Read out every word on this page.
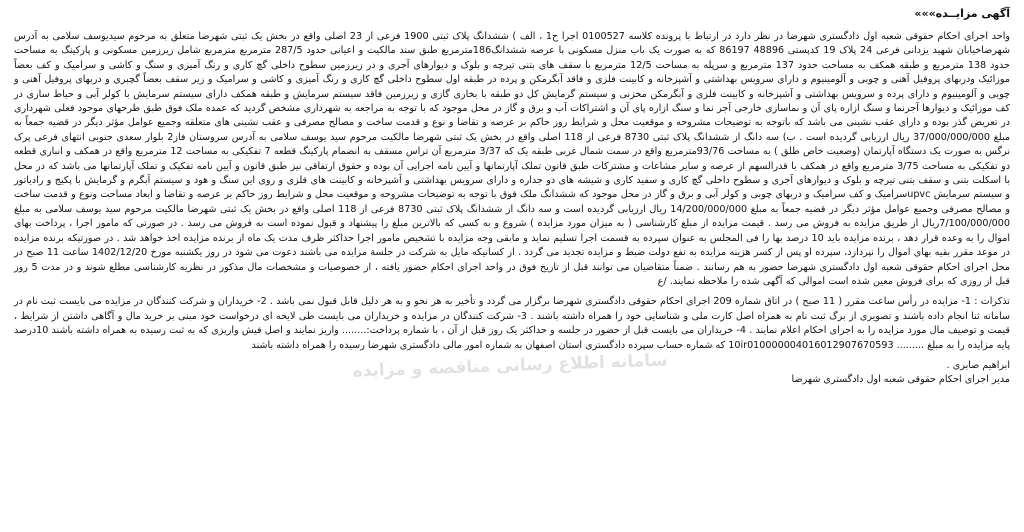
آگهی مزایــده»»»

واحد اجرای احکام حقوقی شعبه اول دادگستری شهرضا در نظر دارد در ارتباط با پرونده کلاسه 0100527 اجرا ح1 ، الف ) ششدانگ پلاک ثبتی 1900 فرعی از 23 اصلی واقع در بخش یک ثبتی شهرضا متعلق به مرحوم سیدیوسف سلامی به آدرس شهرضاخیابان شهید یزدانی فرعی 24 پلاک 19 کدپستی 48896 86197 که به صورت یک باب منزل مسکونی با عرصه ششدانگ186مترمربع طبق سند مالکیت و اعیانی حدود 287/5 مترمربع مترمربع شامل زیرزمین مسکونی و پارکینگ به مساحت حدود 138 مترمربع و طبقه همکف به مساحت حدود 137 مترمربع و سرپله به مساحت 12/5 مترمربع با سقف های بتنی تیرچه و بلوک و دیوارهای آجری و در زیرزمین سطوح داخلی گچ کاری و رنگ آمیزی و سنگ و کاشی و سرامیک و کف بعضاً موزائیک ودربهای پروفیل آهنی و چوبی و آلومینیوم و دارای سرویس بهداشتی و آشپزخانه و کابینت فلزی و فاقد آبگرمکن و پرده در طبقه اول سطوح داخلی گچ کاری و رنگ آمیزی و کاشی و سرامیک و زیر سقف بعضاً گچبری و دربهای پروفیل آهنی و چوبی و آلومینیوم و دارای پرده و سرویس بهداشتی و آشپزخانه و کابینت فلزی و آبگرمکن مخزنی و سیستم گرمایش کل دو طبقه با بخاری گازی و زیرزمین فاقد سیستم سرمایش و طبقه همکف دارای سیستم سرمایش با کولر آبی و حیاط سازی در کف موزائیک و دیوارها آجرنما و سنگ ازاره پای آن و نماسازی خارجی آجر نما و سنگ ازاره پای آن و اشتراکات آب و برق و گاز در محل موجود که با توجه به مراجعه به شهرداری مشخص گردید که عمده ملک فوق طبق طرحهای موجود فعلی شهرداری در تعریض گذر بوده و دارای عقب نشینی می باشد که باتوجه به توضیحات مشروحه و موقعیت محل و شرایط روز حاکم بر عرصه و تقاضا و نوع و قدمت ساخت و مصالح مصرفی و عقب نشینی های متعلقه وجمیع عوامل مؤثر دیگر در قضیه جمعاً به مبلغ 37/000/000/000 ریال ارزیابی گردیده است . ب) سه دانگ از ششدانگ پلاک ثبتی 8730 فرعی از 118 اصلی واقع در بخش یک ثبتی شهرضا مالکیت مرحوم سید یوسف سلامی به آدرس سروستان فاز2 بلوار سعدی جنوبی انتهای فرعی پرک نرگس به صورت یک دستگاه آپارتمان (وضعیت خاص طلق ) به مساحت 93/76مترمربع واقع در سمت شمال غربی طبقه یک که 3/37 مترمربع آن تراس مسقف به انضمام پارکینگ قطعه 7 تفکیکی به مساحت 12 مترمربع واقع در همکف و انباری قطعه دو تفکیکی به مساحت 3/75 مترمربع واقع در همکف با قدرالسهم از عرصه و سایر مشاعات و مشترکات طبق قانون تملک آپارتمانها و آیین نامه اجرایی آن بوده و حقوق ارتفاقی نیز طبق قانون و آیین نامه تفکیک و تملک آپارتمانها می باشد که در محل با اسکلت بتنی و سقف بتنی تیرچه و بلوک و دیوارهای آجری و سطوح داخلی گچ کاری و سفید کاری و شیشه های دو جداره و دارای سرویس بهداشتی و آشپزخانه و کابینت های فلزی و روی این سنگ و هود و سیستم آبگرم و گرمایش با پکیج و رادیاتور و سیستم سرمایش upvcسرامیک و کف سرامیک و دربهای چوبی و کولر آبی و برق و گاز در محل موجود که ششدانگ ملک فوق با توجه به توضیحات مشروحه و موقعیت محل و شرایط روز حاکم بر عرصه و تقاضا و ابعاد مساحت ونوع و قدمت ساخت و مصالح مصرفی وجمیع عوامل مؤثر دیگر در قضیه جمعاً به مبلغ 14/200/000/000 ریال ارزیابی گردیده است و سه دانگ از ششدانگ پلاک ثبتی 8730 فرعی از 118 اصلی واقع در بخش یک ثبتی شهرضا مالکیت مرحوم سید یوسف سلامی به مبلغ 7/100/000/000ریال از طریق مزایده به فروش می رسد . قیمت مزایده از مبلغ کارشناسی ( به میزان مورد مزایده ) شروع و به کسی که بالاترین مبلغ را پیشنهاد و قبول نموده است به فروش می رسد . در صورتی که مامور اجرا ، پرداخت بهای اموال را به وعده قرار دهد ، برنده مزایده باید 10 درصد بها را فی المجلس به عنوان سپرده به قسمت اجرا تسلیم نماید و مابقی وجه مزایده با تشخیص مامور اجرا حداکثر ظرف مدت یک ماه از برنده مزایده اخذ خواهد شد . در صورتیکه برنده مزایده در موعد مقرر بقیه بهای اموال را نپردازد، سپرده او پس از کسر هزینه مزایده به نفع دولت ضبط و مزایده تجدید می گردد . از کسانیکه مایل به شرکت در جلسة مزایده می باشند دعوت می شود در روز یکشنبه مورخ 1402/12/20 ساعت 11 صبح در محل اجرای احکام حقوقی شعبه اول دادگستری شهرضا حضور به هم رسانند . ضمناً متقاضیان می توانند قبل از تاریخ فوق در واحد اجرای احکام حضور یافته ، از خصوصیات و مشخصات مال مذکور در نظریه کارشناسی مطلع شوند و در مدت 5 روز قبل از روزی که برای فروش معین شده است اموالی که آگهی شده را ملاحظه نمایند. /ع

تذکرات : 1- مزایده در رأس ساعت مقرر ( 11 صبح ) در اتاق شماره 209 اجرای احکام حقوقی دادگستری شهرضا برگزار می گردد و تأخیر به هر نحو و به هر دلیل قابل قبول نمی باشد . 2- خریداران و شرکت کنندگان در مزایده می بایست ثبت نام در سامانه ثنا انجام داده باشند و تصویری از برگ ثبت نام به همراه اصل کارت ملی و شناسایی خود را همراه داشته باشند . 3- شرکت کنندگان در مزایده و خریداران می بایست طی لایحه ای درخواست خود مبنی بر خرید مال و آگاهی داشتن از شرایط ، قیمت و توصیف مال مورد مزایده را به اجرای احکام اعلام نمایند . 4- خریداران می بایست قبل از حضور در جلسه و حداکثر یک روز قبل از آن ، با شماره پرداخت:........ واریز نمایند و اصل فیش واریزی که به ثبت رسیده به همراه داشته باشند 10درصد پایه مزایده را به مبلغ ......... 10ir010000004016012907670593 که شماره حساب سپرده دادگستری استان اصفهان به شماره امور مالی دادگستری شهرضا رسیده را همراه داشته باشند

ابراهیم صابری .

مدیر اجرای احکام حقوقی شعبه اول دادگستری شهرضا

سامانه اطلاع رسانی مناقصه و مزایده
